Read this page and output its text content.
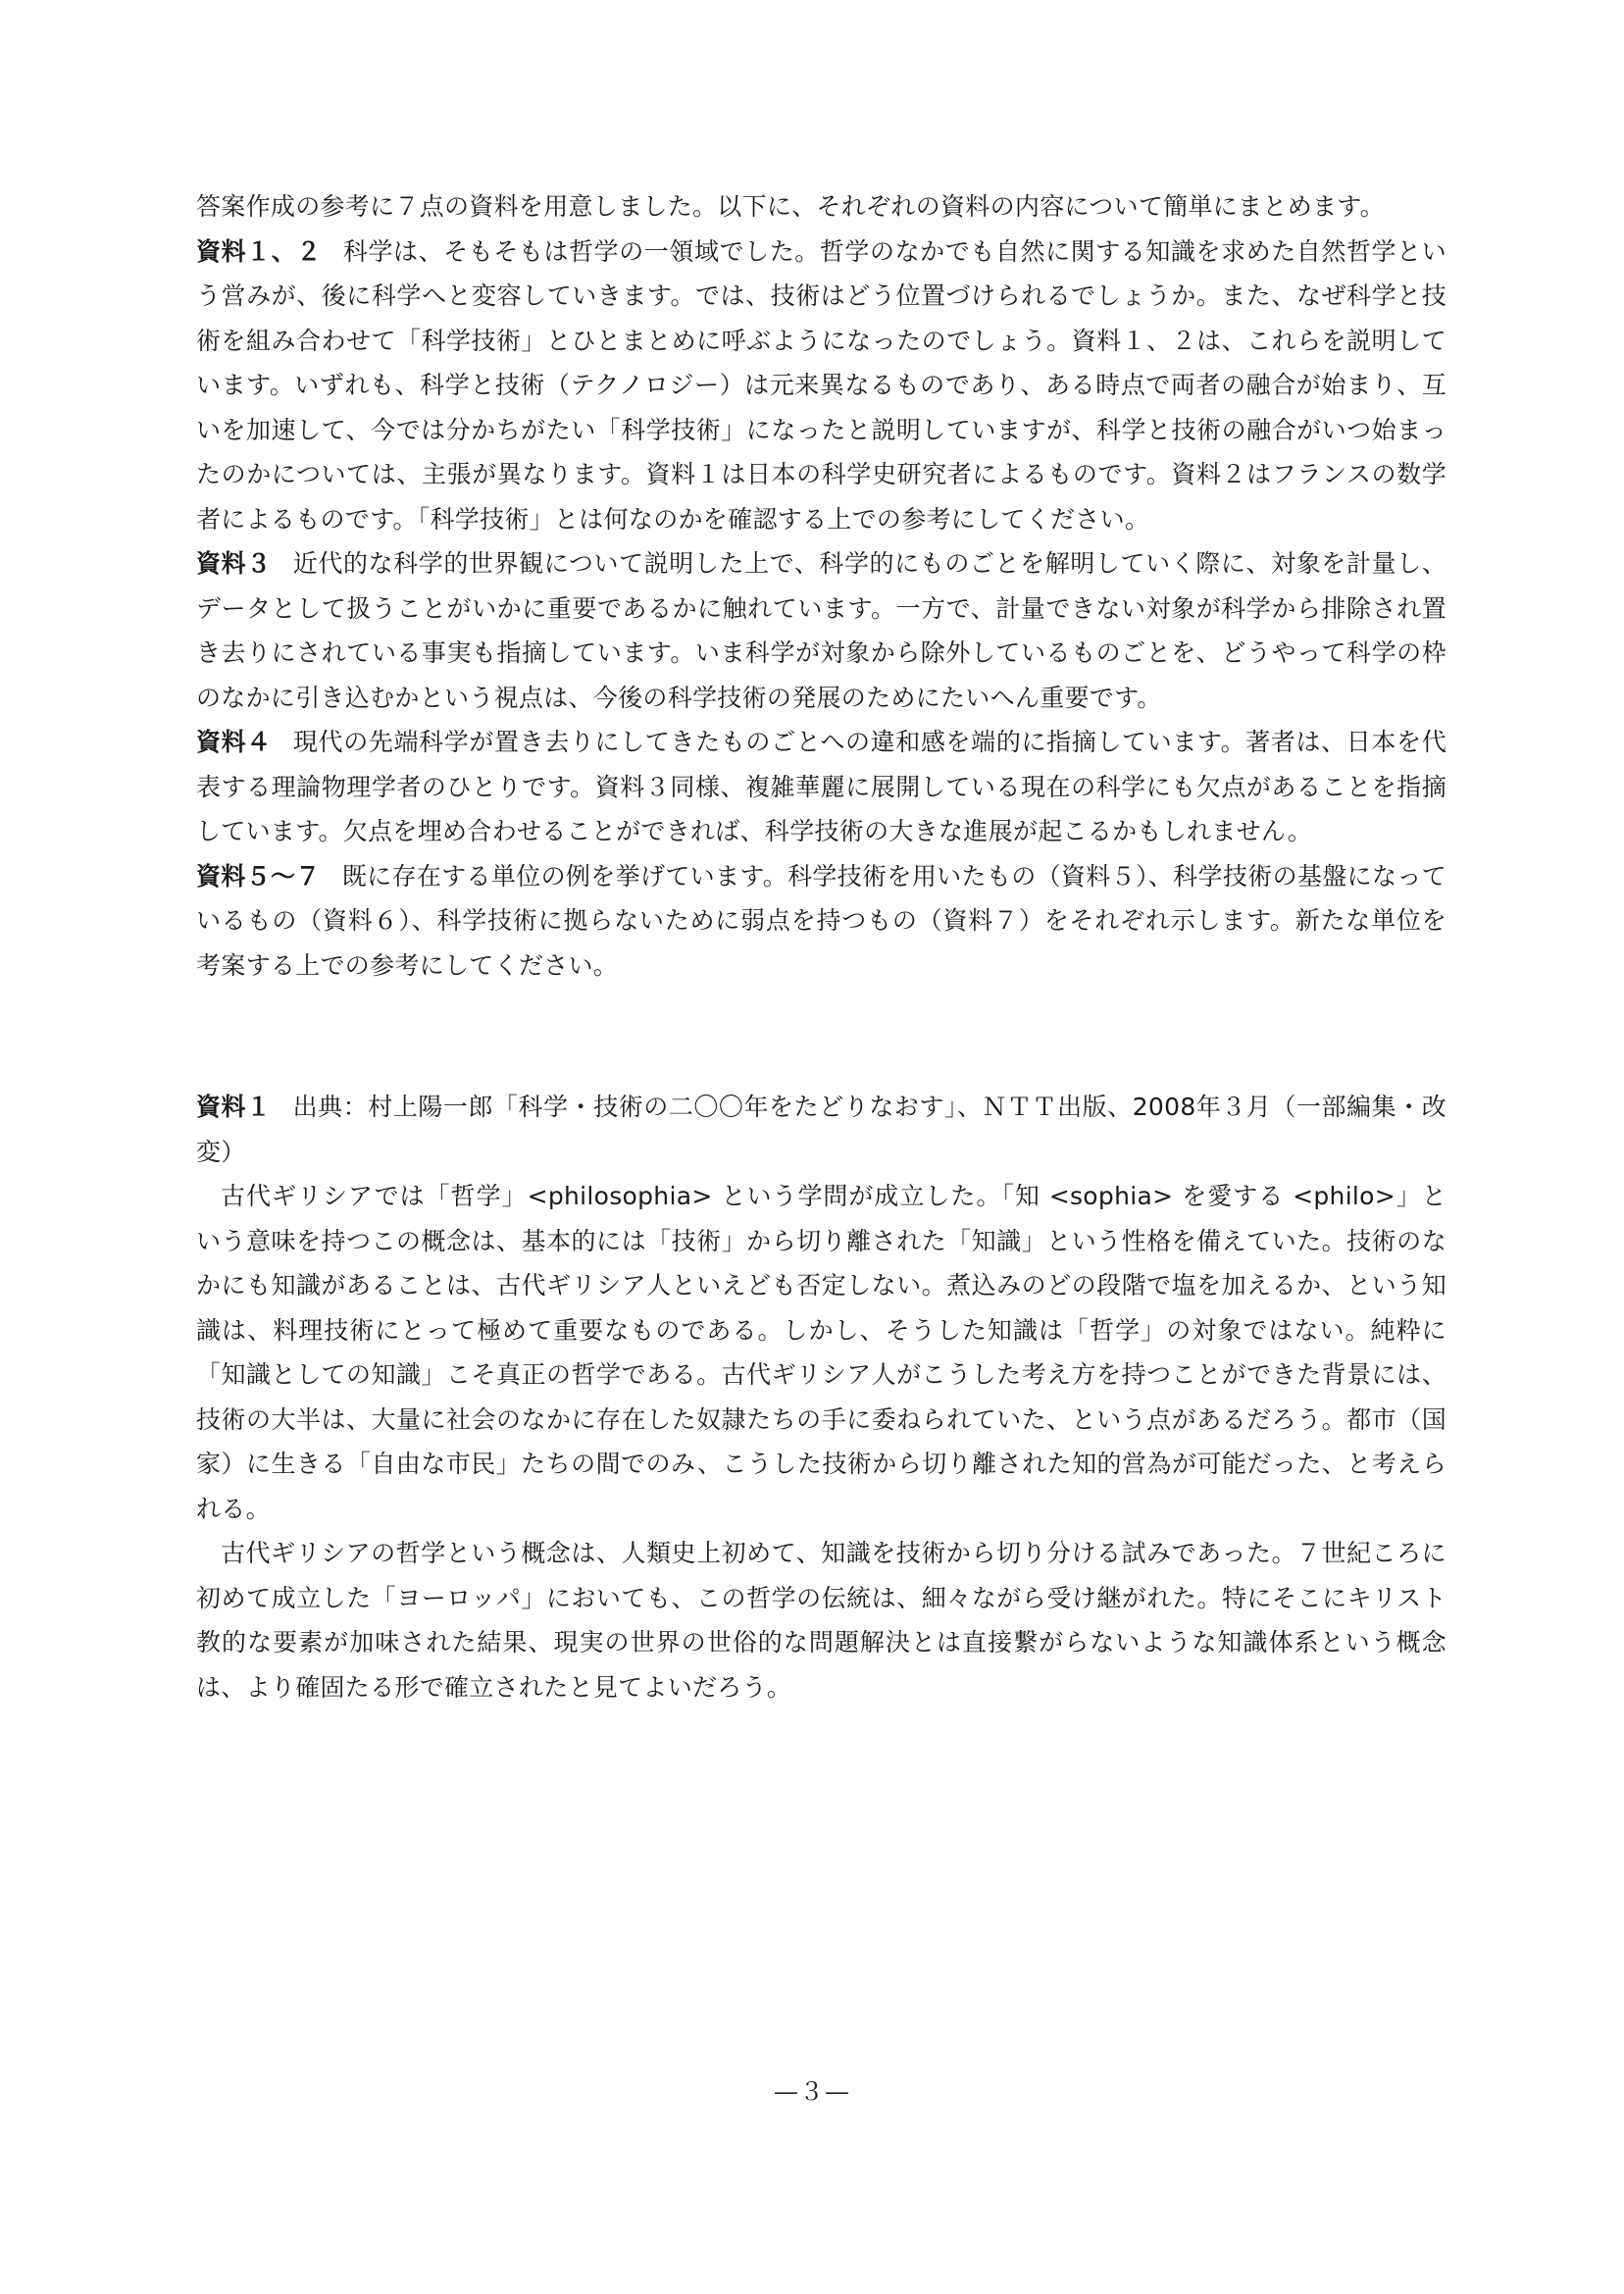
答案作成の参考に７点の資料を用意しました。以下に、それぞれの資料の内容について簡単にまとめます。

資料１、２ 科学は、そもそもは哲学の一領域でした。哲学のなかでも自然に関する知識を求めた自然哲学という営みが、後に科学へと変容していきます。では、技術はどう位置づけられるでしょうか。また、なぜ科学と技術を組み合わせて「科学技術」とひとまとめに呼ぶようになったのでしょう。資料１、２は、これらを説明しています。いずれも、科学と技術（テクノロジー）は元来異なるものであり、ある時点で両者の融合が始まり、互いを加速して、今では分かちがたい「科学技術」になったと説明していますが、科学と技術の融合がいつ始まったのかについては、主張が異なります。資料１は日本の科学史研究者によるものです。資料２はフランスの数学者によるものです。「科学技術」とは何なのかを確認する上での参考にしてください。

資料３ 近代的な科学的世界観について説明した上で、科学的にものごとを解明していく際に、対象を計量し、データとして扱うことがいかに重要であるかに触れています。一方で、計量できない対象が科学から排除され置き去りにされている事実も指摘しています。いま科学が対象から除外しているものごとを、どうやって科学の枠のなかに引き込むかという視点は、今後の科学技術の発展のためにたいへん重要です。

資料４ 現代の先端科学が置き去りにしてきたものごとへの違和感を端的に指摘しています。著者は、日本を代表する理論物理学者のひとりです。資料３同様、複雑華麗に展開している現在の科学にも欠点があることを指摘しています。欠点を埋め合わせることができれば、科学技術の大きな進展が起こるかもしれません。

資料５～７ 既に存在する単位の例を挙げています。科学技術を用いたもの（資料５）、科学技術の基盤になっているもの（資料６）、科学技術に拠らないために弱点を持つもの（資料７）をそれぞれ示します。新たな単位を考案する上での参考にしてください。

資料１ 出典：村上陽一郎「科学・技術の二〇〇年をたどりなおす」、ＮＴＴ出版、2008年３月（一部編集・改変）

古代ギリシアでは「哲学」<philosophia> という学問が成立した。「知 <sophia> を愛する <philo>」という意味を持つこの概念は、基本的には「技術」から切り離された「知識」という性格を備えていた。技術のなかにも知識があることは、古代ギリシア人といえども否定しない。煮込みのどの段階で塩を加えるか、という知識は、料理技術にとって極めて重要なものである。しかし、そうした知識は「哲学」の対象ではない。純粋に「知識としての知識」こそ真正の哲学である。古代ギリシア人がこうした考え方を持つことができた背景には、技術の大半は、大量に社会のなかに存在した奴隷たちの手に委ねられていた、という点があるだろう。都市（国家）に生きる「自由な市民」たちの間でのみ、こうした技術から切り離された知的営為が可能だった、と考えられる。

古代ギリシアの哲学という概念は、人類史上初めて、知識を技術から切り分ける試みであった。７世紀ころに初めて成立した「ヨーロッパ」においても、この哲学の伝統は、細々ながら受け継がれた。特にそこにキリスト教的な要素が加味された結果、現実の世界の世俗的な問題解決とは直接繋がらないような知識体系という概念は、より確固たる形で確立されたと見てよいだろう。

—３—
